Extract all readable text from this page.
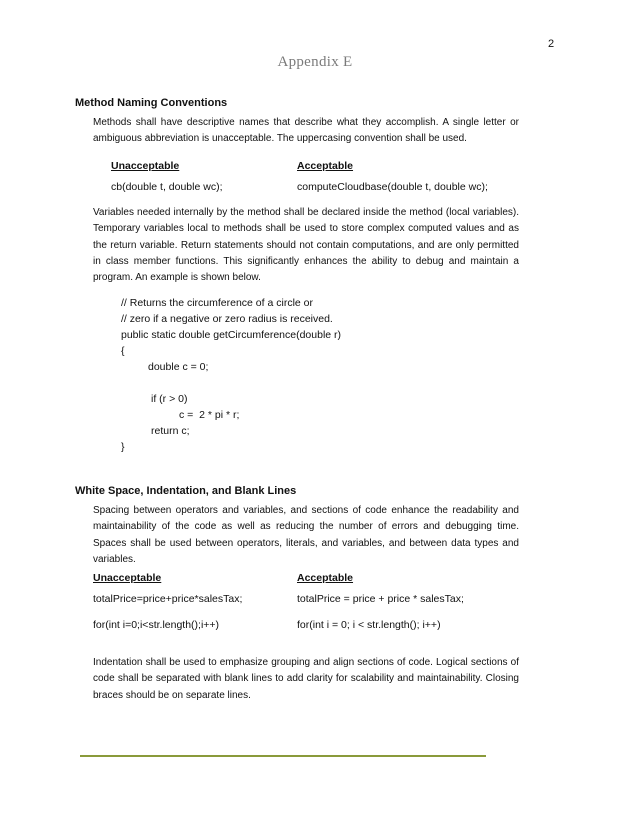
2
Appendix E
Method Naming Conventions
Methods shall have descriptive names that describe what they accomplish. A single letter or ambiguous abbreviation is unacceptable. The uppercasing convention shall be used.
Unacceptable	Acceptable
cb(double t, double wc);	computeCloudbase(double t, double wc);
Variables needed internally by the method shall be declared inside the method (local variables). Temporary variables local to methods shall be used to store complex computed values and as the return variable. Return statements should not contain computations, and are only permitted in class member functions. This significantly enhances the ability to debug and maintain a program. An example is shown below.
// Returns the circumference of a circle or
// zero if a negative or zero radius is received.
public static double getCircumference(double r)
{
double c = 0;
if (r > 0)
c =  2 * pi * r;
return c;
}
White Space, Indentation, and Blank Lines
Spacing between operators and variables, and sections of code enhance the readability and maintainability of the code as well as reducing the number of errors and debugging time. Spaces shall be used between operators, literals, and variables, and between data types and variables.
Unacceptable	Acceptable
totalPrice=price+price*salesTax;	totalPrice = price + price * salesTax;
for(int i=0;i<str.length();i++)	for(int i = 0; i < str.length(); i++)
Indentation shall be used to emphasize grouping and align sections of code. Logical sections of code shall be separated with blank lines to add clarity for scalability and maintainability. Closing braces should be on separate lines.
